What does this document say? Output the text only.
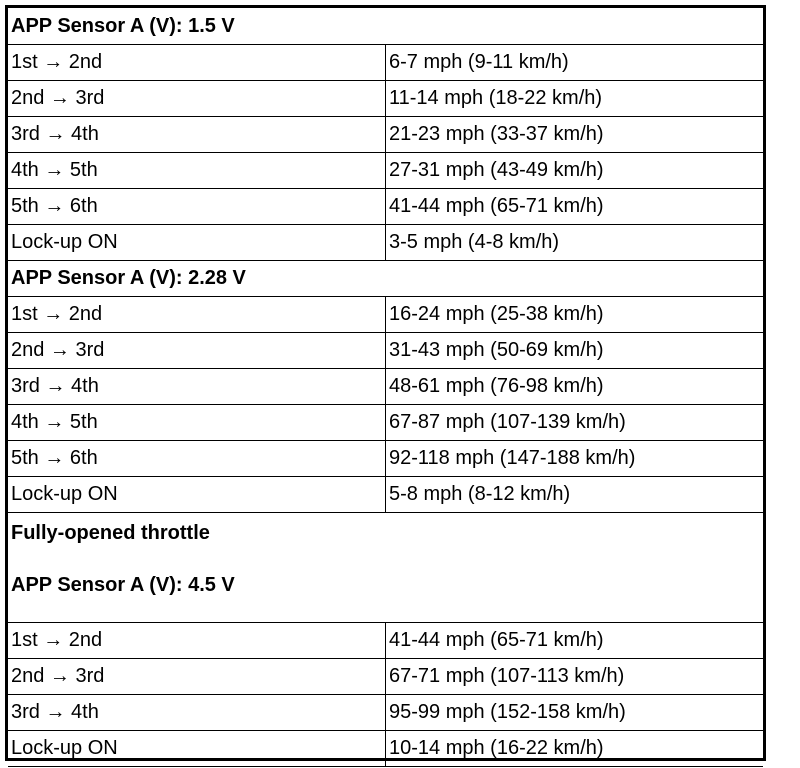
APP Sensor A (V): 1.5 V	
1st → 2nd	6-7 mph (9-11 km/h)
2nd → 3rd	11-14 mph (18-22 km/h)
3rd → 4th	21-23 mph (33-37 km/h)
4th → 5th	27-31 mph (43-49 km/h)
5th → 6th	41-44 mph (65-71 km/h)
Lock-up ON	3-5 mph (4-8 km/h)
APP Sensor A (V): 2.28 V	
1st → 2nd	16-24 mph (25-38 km/h)
2nd → 3rd	31-43 mph (50-69 km/h)
3rd → 4th	48-61 mph (76-98 km/h)
4th → 5th	67-87 mph (107-139 km/h)
5th → 6th	92-118 mph (147-188 km/h)
Lock-up ON	5-8 mph (8-12 km/h)
Fully-opened throttle
APP Sensor A (V): 4.5 V	
1st → 2nd	41-44 mph (65-71 km/h)
2nd → 3rd	67-71 mph (107-113 km/h)
3rd → 4th	95-99 mph (152-158 km/h)
Lock-up ON	10-14 mph (16-22 km/h)
